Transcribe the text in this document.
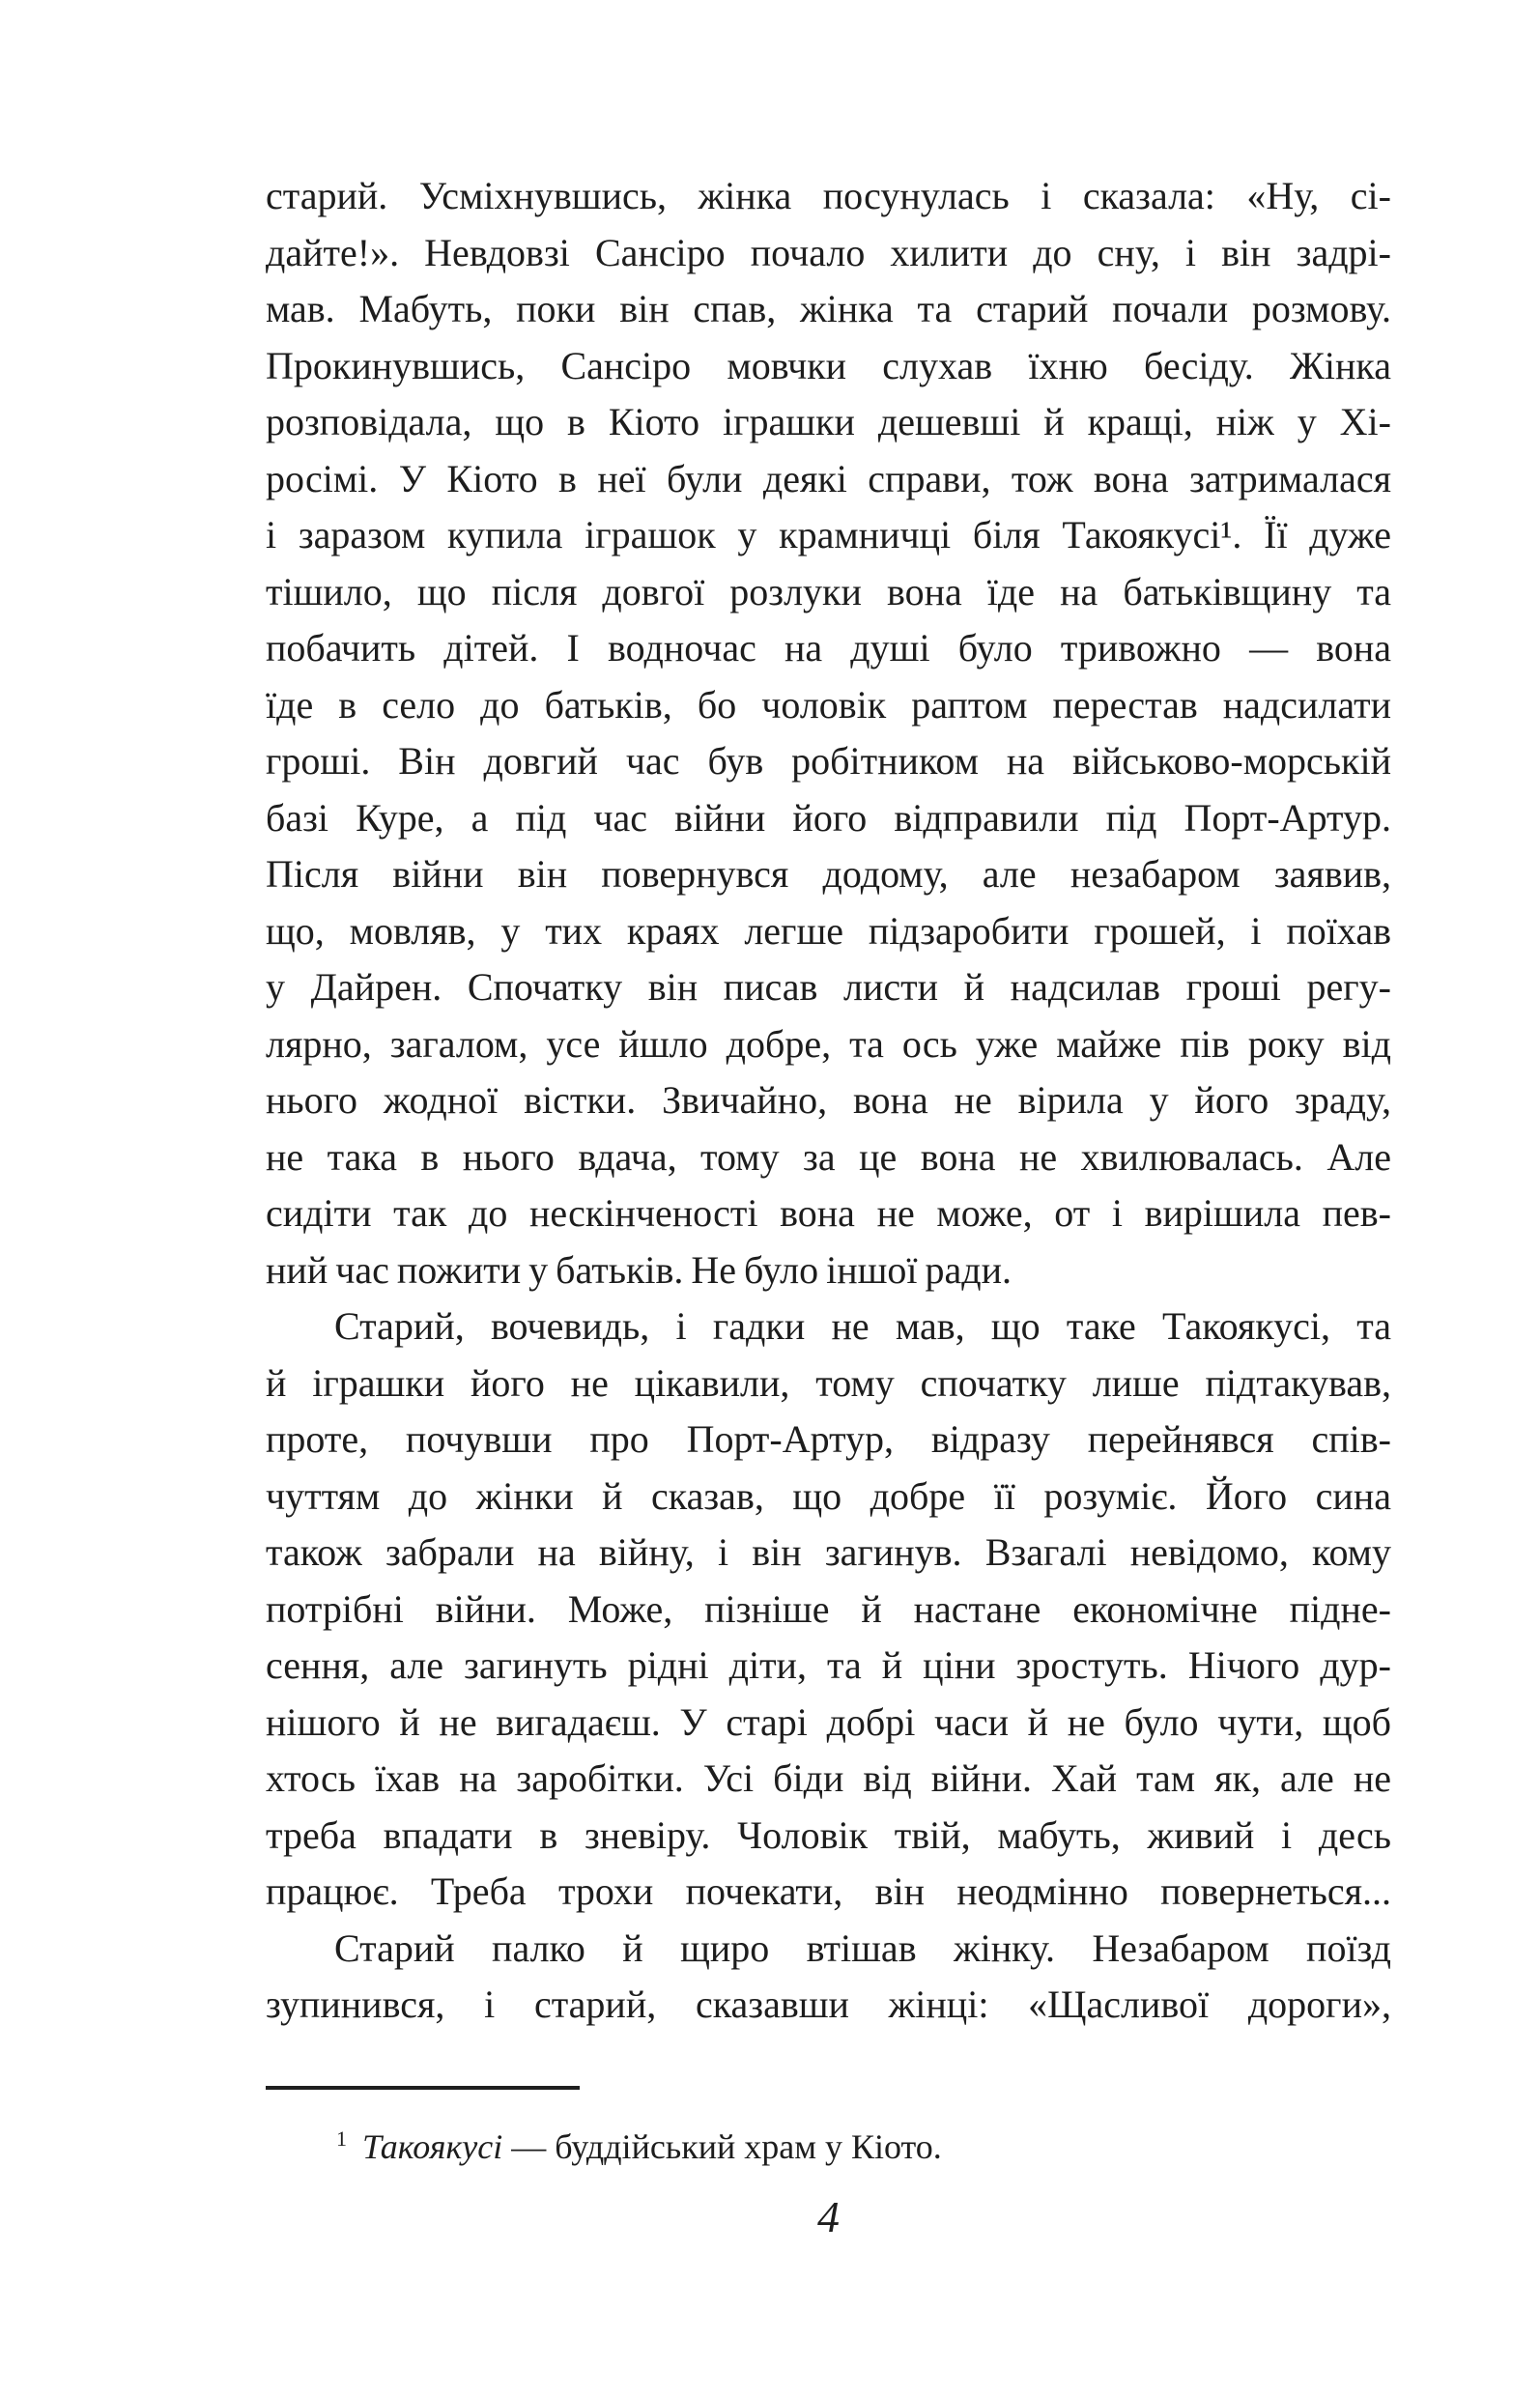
старий. Усміхнувшись, жінка посунулась і сказала: «Ну, сі-
дайте!». Невдовзі Сансіро почало хилити до сну, і він задрі-
мав. Мабуть, поки він спав, жінка та старий почали розмову.
Прокинувшись, Сансіро мовчки слухав їхню бесіду. Жінка
розповідала, що в Кіото іграшки дешевші й кращі, ніж у Хі-
росімі. У Кіото в неї були деякі справи, тож вона затрималася
і заразом купила іграшок у крамничці біля Такоякусі¹. Її дуже
тішило, що після довгої розлуки вона їде на батьківщину та
побачить дітей. І водночас на душі було тривожно — вона
їде в село до батьків, бо чоловік раптом перестав надсилати
гроші. Він довгий час був робітником на військово-морській
базі Куре, а під час війни його відправили під Порт-Артур.
Після війни він повернувся додому, але незабаром заявив,
що, мовляв, у тих краях легше підзаробити грошей, і поїхав
у Дайрен. Спочатку він писав листи й надсилав гроші регу-
лярно, загалом, усе йшло добре, та ось уже майже пів року від
нього жодної вістки. Звичайно, вона не вірила у його зраду,
не така в нього вдача, тому за це вона не хвилювалась. Але
сидіти так до нескінченості вона не може, от і вирішила пев-
ний час пожити у батьків. Не було іншої ради.
Старий, вочевидь, і гадки не мав, що таке Такоякусі, та
й іграшки його не цікавили, тому спочатку лише підтакував,
проте, почувши про Порт-Артур, відразу перейнявся спів-
чуттям до жінки й сказав, що добре її розуміє. Його сина
також забрали на війну, і він загинув. Взагалі невідомо, кому
потрібні війни. Може, пізніше й настане економічне підне-
сення, але загинуть рідні діти, та й ціни зростуть. Нічого дур-
нішого й не вигадаєш. У старі добрі часи й не було чути, щоб
хтось їхав на заробітки. Усі біди від війни. Хай там як, але не
треба впадати в зневіру. Чоловік твій, мабуть, живий і десь
працює. Треба трохи почекати, він неодмінно повернеться...
Старий палко й щиро втішав жінку. Незабаром поїзд
зупинився, і старий, сказавши жінці: «Щасливої дороги»,
$^1$ Такоякусі — буддійський храм у Кіото.
4
